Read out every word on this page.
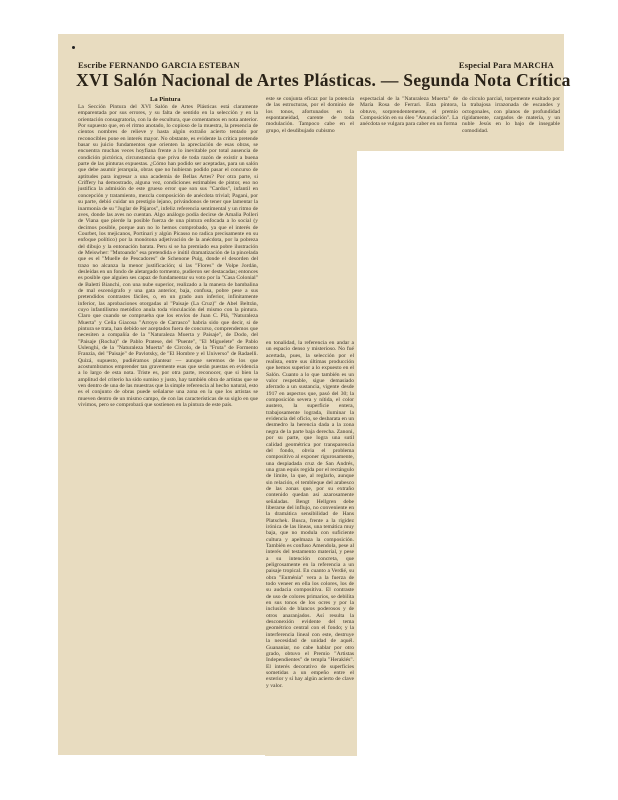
Escribe FERNANDO GARCIA ESTEBAN	Especial Para MARCHA
XVI Salón Nacional de Artes Plásticas. — Segunda Nota Crítica
La Pintura

La Sección Pintura del XVI Salón de Artes Plásticas está claramente emparentada por sus errores, y su falta de sentido en la selección y en la orientación consagratoria, con la de escultura, que comentamos en nota anterior. Por supuesto que, en el ritmo anotado, lo copioso de la muestra, la presencia de cientos nombres de relieve y hasta algún extraño acierto tentado por reconocibles pone en interés mayor. No obstante, es evidente la crítica pretende basar su juicio fundamentos que orienten la apreciación de esas obras, se encuentra muchas veces hoyfiana frente a lo inevitable por total ausencia de condición pictórica, circunstancia que priva de toda razón de existir a buena parte de las pinturas expuestas. ¿Cómo han podido ser aceptadas, para un salón que debe asumir jerarquía, obras que no hubieran podido pasar el concurso de aptitudes para ingresar a una academia de Bellas Artes? Por otra parte, si Criffery ha demostrado, alguna vez, condiciones estimables de pintor, eso no justifica la admisión de este grueso error que son sus "Cardos", infantil en concepción y tratamiento, mezcla composición de anécdota trivial; Pagani, por su parte, debió cuidar un prestigio lejano, privándonos de tener que lamentar la inarmonía de su "Juglar de Pájaros", infeliz referencia sentimental y un ritmo de aves, donde las aves no cuentan. Algo análogo podía decirse de Amalia Polleri de Viana que pierde la posible fuerza de una pintura enfocada a lo social (y decimos posible, porque aun no lo hemos comprobado, ya que el interés de Courbet, los mejicanos, Portinari y algún Picasso no radica precisamente en su enfoque político) por la monótona adjetivación de la anécdota, por la pobreza del dibujo y la entonación barata. Peru si se ha premiado esa pobre ilustración de Meiswher: "Mutoando" esa pretendida e inútil dramatización de la pincelada que es el "Muelle de Pescadores" de Schenone Puig, donde el desorden del trazo no alcanza la menor justificación; si las "Flores" de Volpe Jordán, desleídas en un fondo de aletargado tormento, pudieron ser destacadas; entonces es posible que alguien ses capaz de fundamentar su voto por la "Casa Colonial" de Baletti Bianchi, con una nube superior, realizado a la manera de bambalina de mal escenógrafo y una gata anterior, baja, confusa, pobre pese a sus pretendidos contrastes fáciles, o, en un grado aun inferior, infinitamente inferior, las aprobaciones otorgadas al "Paisaje (La Cruz)" de Abel Beltrán, cuyo infantilismo metódico anula toda vinculación del mismo con la pintura. Claro que cuando se comprueba que los envíos de Juan C. Plá, "Naturaleza Muerta" y Celia Giacosa "Arroyo de Carrasco" habría sido que decir, si de pintura se trata, han debido ser aceptados fuera de concurso, comprendemos que necesiten a compañía de la "Naturaleza Muerta y Paisaje", de Dodo, del "Paisaje (Rocha)" de Pablo Pratese, del "Puente", "El Miguelete" de Pablo Uslenghi, de la "Naturaleza Muerta" de Circolo, de la "Fruta" de Formento Franzia, del "Paisaje" de Pavlotsky, de "El Hombre y el Universo" de Radaelli. Quizá, supuesto, pudiéramos plantear — aunque seremos de los que acostumbramos emprender tan gravemente esas que serán puestas en evidencia a lo largo de esta nota. Triste es, por otra parte, reconocer, que si bien la amplitud del criterio ha sido sumiso y justo, hay también obra de artistas que se ven dentro de una de las muestras que la simple referencia al hecho natural, esto es el conjunto de obras puede señalarse una zona en la que los artistas se mueven dentro de un mismo campo, de con las características de su siglo en que vivimos, pero se comprobará que sostienen en la pintura de este país.

este se conjunta eficaz por la potencia de las estructuras, por el dominio de los tonos, afortunados en la espontaneidad, carente de toda modulación. Tampoco cabe en el grupo, el desdibujado cubismo

en tonalidad, la referencia en andar a un espacio denso y misterioso. No fué acertada, pues, la selección por el realista, entre sus últimas producción que hemos superior a lo expuesto en el Salón. Cuanto a lo que también es un valor respetable, sigue demasiado aferrado a un sustancia, vigente desde 1917 en aspectos que, pasó del 30; la composición severa y nítida, el color austero, la superficie entera, trabajosamente lograda, iluminar la evidencia del oficio, se desbarata en un desmedro la herencia dada a la zona negra de la parte baja derecha. Zanoni, por su parte, que logra una sutil calidad geométrica por transparencia del fondo, obvia el problema compositivo al exponer rigurosamente, una despiadada cruz de San Andrés, una gran equis regida por el rectángulo de límite, la que, al reglarlo, aunque sin relación, el tembleque del arabesco de las zonas que, por su extraño contenido quedan así azarosamente señaladas. Bengt Hellgren debe liberarse del influjo, no conveniente en la dramática sensibilidad de Hans Platschek. Busca, frente a la rigidez irónica de las líneas, una temática muy baja, que no modula con suficiente cultura y apelmaza la composición. También es confuso Amendola, pese al interés del testamento material, y pese a su intención concreta, que peligrosamente en la referencia a un paisaje tropical. En cuanto a Verdié, su obra "Euménia" vera a la fuerza de todo veneer en ella los colores, los de su audacia compositiva. El contraste de uso de colores primarios, se debilita en sus tonos de los ocres y por la inclusión de blancos poderosos y de otros anaranjados. Así resulta la desconexión evidente del tema geométrico central con el fondo; y la interferencia lineal con este, destruye la necesidad de unidad de aquél. Guananiar, no cabe hablar por otro grado, obtuvo el Premio "Artistas Independientes" de templa "Heraklés". El interés decorativo de superficies sometidas a un empeño entre el exterior y sí hay algún acierto de clave y valor.

espectacial de la "Naturaleza Muerta" de María Rosa de Ferrari. Esta pintora, obtuvo, sorprendentemente, el premio Composición en su óleo "Anunciación". La anécdota se vulgara para caber en un forma

do círculo parcial, torpemente exaltado por la trabajosa irrazonada de escandes y octogonales, con planos de profundidad rígidamente, cargados de materia, y un nuble Jesús en lo bajo de insegable comodidad.
